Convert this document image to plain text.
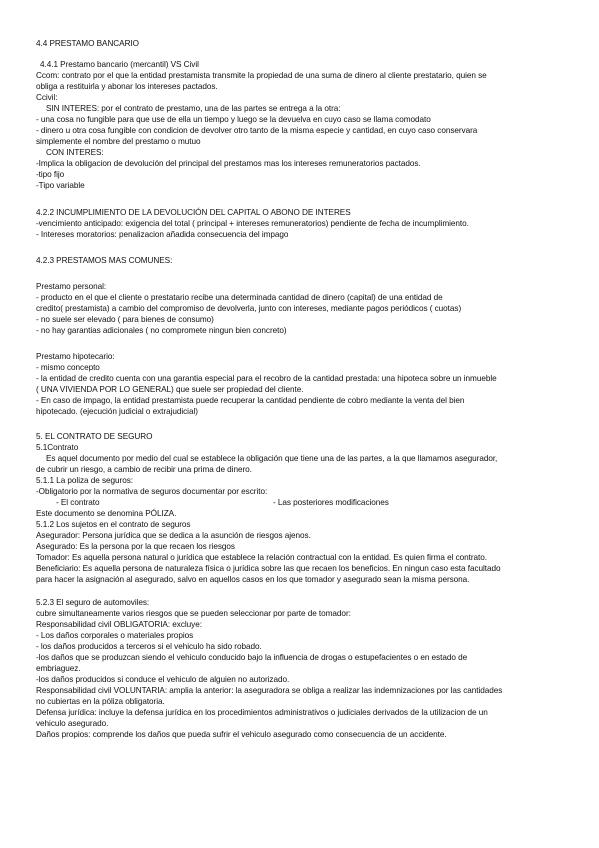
4.4 PRESTAMO BANCARIO
4.4.1 Prestamo bancario (mercantil) VS Civil
Ccom: contrato por el que la entidad prestamista transmite la propiedad de una suma de dinero al cliente prestatario, quien se
obliga a restituirla y abonar los intereses pactados.
Ccivil:
SIN INTERES: por el contrato de prestamo, una de las partes se entrega a la otra:
- una cosa no fungible para que use de ella un tiempo y luego se la devuelva en cuyo caso se llama comodato
- dinero u otra cosa fungible con condicion de devolver otro tanto de la misma especie y cantidad, en cuyo caso conservara
simplemente el nombre del prestamo o mutuo
CON INTERES:
-Implica la obligacion de devolución del principal del prestamos mas los intereses remuneratorios pactados.
-tipo fijo
-Tipo variable
4.2.2 INCUMPLIMIENTO DE LA DEVOLUCIÓN DEL CAPITAL O ABONO DE INTERES
-vencimiento anticipado: exigencia del total ( principal + intereses remuneratorios) pendiente de fecha de incumplimiento.
- Intereses moratorios: penalizacion añadida consecuencia del impago
4.2.3 PRESTAMOS MAS COMUNES:
Prestamo personal:
- producto en el que el cliente o prestatario recibe una determinada cantidad de dinero (capital) de una entidad de
credito( prestamista) a cambio del compromiso de devolverla, junto con intereses, mediante pagos periódicos ( cuotas)
- no suele ser elevado ( para bienes de consumo)
- no hay garantias adicionales ( no compromete ningun bien concreto)
Prestamo hipotecario:
- mismo concepto
- la entidad de credito cuenta con una garantia especial para el recobro de la cantidad prestada: una hipoteca sobre un inmueble
( UNA VIVIENDA POR LO GENERAL) que suele ser propiedad del cliente.
- En caso de impago, la entidad prestamista puede recuperar la cantidad pendiente de cobro mediante la venta del bien
hipotecado. (ejecución judicial o extrajudicial)
5. EL CONTRATO DE SEGURO
5.1Contrato
Es aquel documento por medio del cual se establece la obligación que tiene una de las partes, a la que llamamos asegurador,
de cubrir un riesgo, a cambio de recibir una prima de dinero.
5.1.1 La poliza de seguros:
-Obligatorio por la normativa de seguros documentar por escrito:
- El contrato	- Las posteriores modificaciones
Este documento se denomina PÓLIZA.
5.1.2 Los sujetos en el contrato de seguros
Asegurador: Persona jurídica que se dedica a la asunción de riesgos ajenos.
Asegurado: Es la persona por la que recaen los riesgos
Tomador: Es aquella persona natural o jurídica que establece la relación contractual con la entidad. Es quien firma el contrato.
Beneficiario: Es aquella persona de naturaleza física o jurídica sobre las que recaen los beneficios. En ningun caso esta facultado
para hacer la asignación al asegurado, salvo en aquellos casos en los que tomador y asegurado sean la misma persona.
5.2.3 El seguro de automoviles:
cubre simultaneamente varios riesgos que se pueden seleccionar por parte de tomador:
Responsabilidad civil OBLIGATORIA: excluye:
- Los daños corporales o materiales propios
- los daños producidos a terceros si el vehiculo ha sido robado.
-los daños que se produzcan siendo el vehiculo conducido bajo la influencia de drogas o estupefacientes o en estado de
embriaguez.
-los daños producidos si conduce el vehiculo de alguien no autorizado.
Responsabilidad civil VOLUNTARIA: amplia la anterior: la aseguradora se obliga a realizar las indemnizaciones por las cantidades
no cubiertas en la póliza obligatoria.
Defensa jurídica: incluye la defensa jurídica en los procedimientos administrativos o judiciales derivados de la utilizacion de un
vehiculo asegurado.
Daños propios: comprende los daños que pueda sufrir el vehiculo asegurado como consecuencia de un accidente.
